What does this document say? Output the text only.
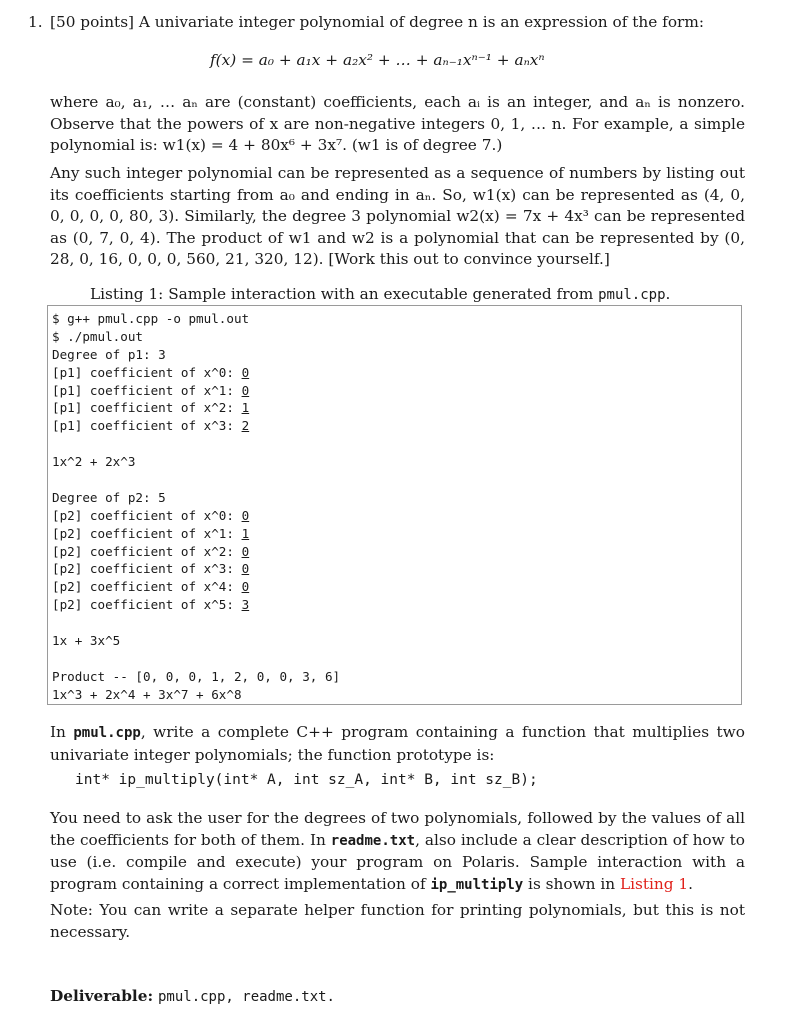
1. [50 points] A univariate integer polynomial of degree n is an expression of the form:
f(x) = a₀ + a₁x + a₂x² + … + aₙ₋₁xⁿ⁻¹ + aₙxⁿ

where a₀, a₁, … aₙ are (constant) coefficients, each aᵢ is an integer, and aₙ is nonzero. Observe that the powers of x are non-negative integers 0, 1, … n. For example, a simple polynomial is: w1(x) = 4 + 80x⁶ + 3x⁷. (w1 is of degree 7.)

Any such integer polynomial can be represented as a sequence of numbers by listing out its coefficients starting from a₀ and ending in aₙ. So, w1(x) can be represented as (4, 0, 0, 0, 0, 0, 80, 3). Similarly, the degree 3 polynomial w2(x) = 7x + 4x³ can be represented as (0, 7, 0, 4). The product of w1 and w2 is a polynomial that can be represented by (0, 28, 0, 16, 0, 0, 0, 560, 21, 320, 12). [Work this out to convince yourself.]

Listing 1: Sample interaction with an executable generated from pmul.cpp.
$ g++ pmul.cpp -o pmul.out
$ ./pmul.out
Degree of p1: 3
[p1] coefficient of x^0: 0
[p1] coefficient of x^1: 0
[p1] coefficient of x^2: 1
[p1] coefficient of x^3: 2
1x^2 + 2x^3
Degree of p2: 5
[p2] coefficient of x^0: 0
[p2] coefficient of x^1: 1
[p2] coefficient of x^2: 0
[p2] coefficient of x^3: 0
[p2] coefficient of x^4: 0
[p2] coefficient of x^5: 3
1x + 3x^5
Product -- [0, 0, 0, 1, 2, 0, 0, 3, 6]
1x^3 + 2x^4 + 3x^7 + 6x^8

In pmul.cpp, write a complete C++ program containing a function that multiplies two univariate integer polynomials; the function prototype is:

int* ip_multiply(int* A, int sz_A, int* B, int sz_B);

You need to ask the user for the degrees of two polynomials, followed by the values of all the coefficients for both of them. In readme.txt, also include a clear description of how to use (i.e. compile and execute) your program on Polaris. Sample interaction with a program containing a correct implementation of ip_multiply is shown in Listing 1.

Note: You can write a separate helper function for printing polynomials, but this is not necessary.

Deliverable: pmul.cpp, readme.txt.
